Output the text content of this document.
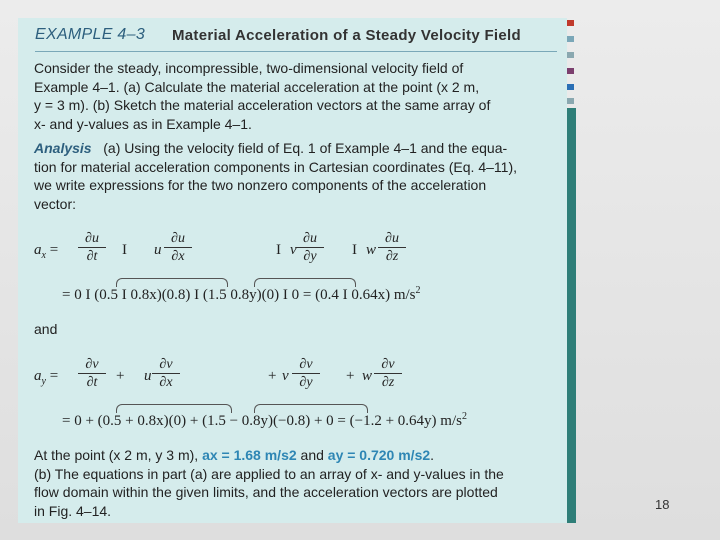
EXAMPLE 4–3 Material Acceleration of a Steady Velocity Field
Consider the steady, incompressible, two-dimensional velocity field of
Example 4–1. (a) Calculate the material acceleration at the point (x 2 m,
y = 3 m). (b) Sketch the material acceleration vectors at the same array of
x- and y-values as in Example 4–1.
Analysis (a) Using the velocity field of Eq. 1 of Example 4–1 and the equa-
tion for material acceleration components in Cartesian coordinates (Eq. 4–11),
we write expressions for the two nonzero components of the acceleration
vector:
$a_x = \frac{\partial u}{\partial t}$ I u $\frac{\partial u}{\partial x}$	I v $\frac{\partial u}{\partial y}$ I w $\frac{\partial u}{\partial z}$
= 0 I (0.5 I 0.8x)(0.8) I (1.5 0.8y)(0) I 0 = (0.4 I 0.64x) $m/s^2$
and
$a_y = \frac{\partial v}{\partial t} + u \frac{\partial v}{\partial x}$	+ v $\frac{\partial v}{\partial y} + w \frac{\partial v}{\partial z}$
= 0 + (0.5 + 0.8x)(0) + (1.5 − 0.8y)(−0.8) + 0 = (−1.2 + 0.64y) $m/s^2$
At the point (x 2 m, y 3 m), ax = 1.68 m/s2 and ay = 0.720 m/s2.
(b) The equations in part (a) are applied to an array of x- and y-values in the
flow domain within the given limits, and the acceleration vectors are plotted
in Fig. 4–14.	18
